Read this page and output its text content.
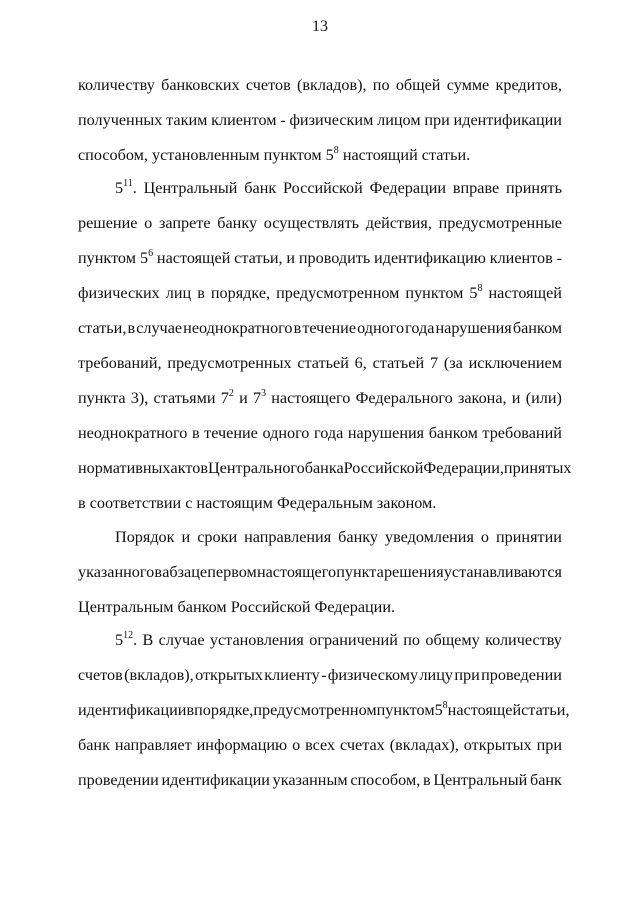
13
количеству банковских счетов (вкладов), по общей сумме кредитов,
полученных таким клиентом - физическим лицом при идентификации
способом, установленным пунктом $5^8$ настоящий статьи.
$5^{11}$. Центральный банк Российской Федерации вправе принять
решение о запрете банку осуществлять действия, предусмотренные
пунктом $5^6$ настоящей статьи, и проводить идентификацию клиентов -
физических лиц в порядке, предусмотренном пунктом $5^8$ настоящей
статьи, в случае неоднократного в течение одного года нарушения банком
требований, предусмотренных статьей 6, статьей 7 (за исключением
пункта 3), статьями $7^2$ и $7^3$ настоящего Федерального закона, и (или)
неоднократного в течение одного года нарушения банком требований
нормативных актов Центрального банка Российской Федерации, принятых
в соответствии с настоящим Федеральным законом.
Порядок и сроки направления банку уведомления о принятии
указанного в абзаце первом настоящего пункта решения устанавливаются
Центральным банком Российской Федерации.
$5^{12}$. В случае установления ограничений по общему количеству
счетов (вкладов), открытых клиенту - физическому лицу при проведении
идентификации в порядке, предусмотренном пунктом $5^8$ настоящей статьи,
банк направляет информацию о всех счетах (вкладах), открытых при
проведении идентификации указанным способом, в Центральный банк
